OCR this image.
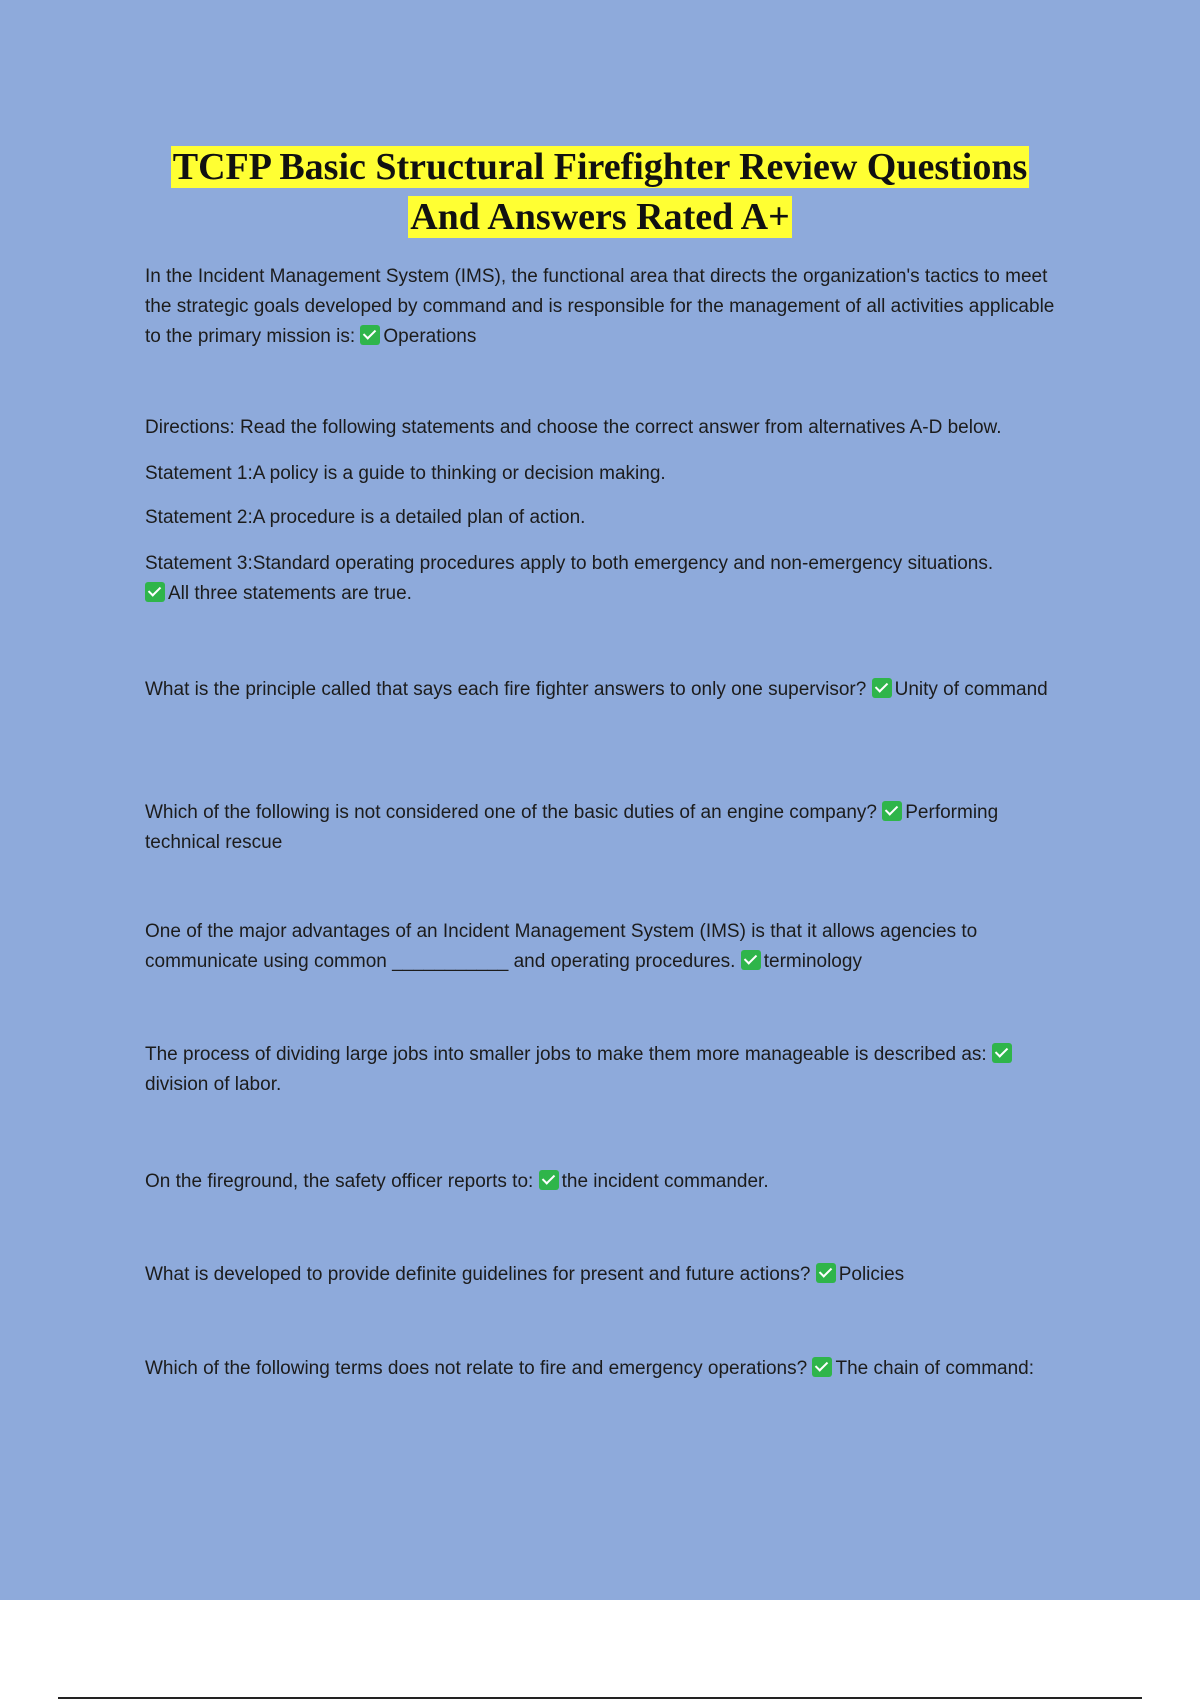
TCFP Basic Structural Firefighter Review Questions
And Answers Rated A+
In the Incident Management System (IMS), the functional area that directs the organization's tactics to meet the strategic goals developed by command and is responsible for the management of all activities applicable to the primary mission is: Operations
Directions: Read the following statements and choose the correct answer from alternatives A-D below.
Statement 1:A policy is a guide to thinking or decision making.
Statement 2:A procedure is a detailed plan of action.
Statement 3:Standard operating procedures apply to both emergency and non-emergency situations.
All three statements are true.
What is the principle called that says each fire fighter answers to only one supervisor? Unity of command
Which of the following is not considered one of the basic duties of an engine company? Performing technical rescue
One of the major advantages of an Incident Management System (IMS) is that it allows agencies to communicate using common ___________ and operating procedures. terminology
The process of dividing large jobs into smaller jobs to make them more manageable is described as: division of labor.
On the fireground, the safety officer reports to: the incident commander.
What is developed to provide definite guidelines for present and future actions? Policies
Which of the following terms does not relate to fire and emergency operations? The chain of command:
